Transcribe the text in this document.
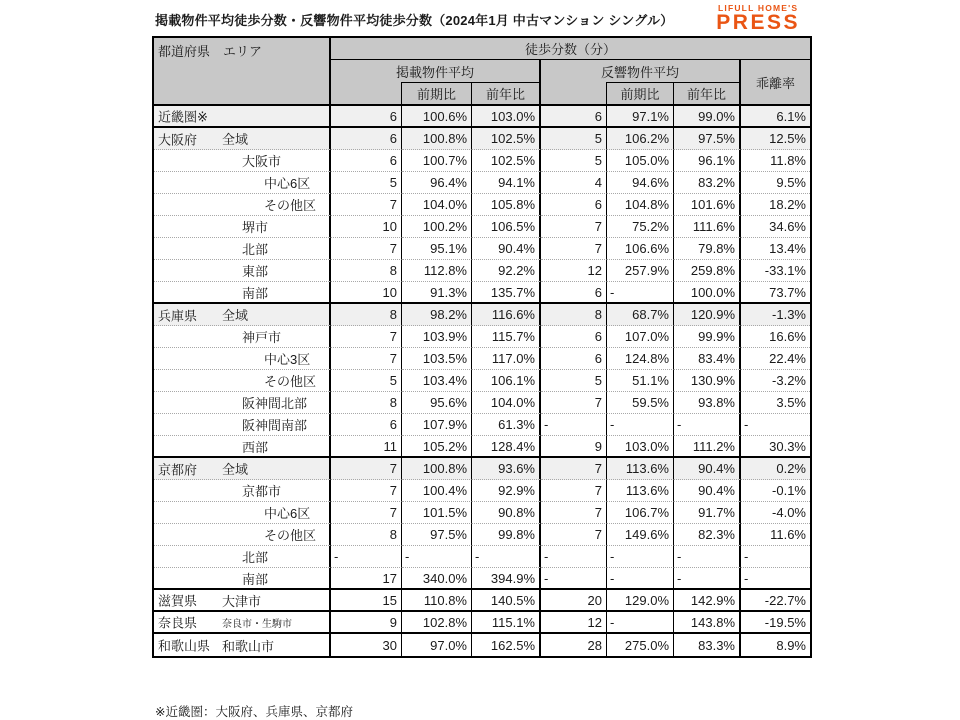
掲載物件平均徒歩分数・反響物件平均徒歩分数（2024年1月 中古マンション シングル）
LIFULL HOME'S
PRESS
都道府県　エリア	徒歩分数（分）						
	掲載物件平均			反響物件平均			乖離率
		前期比	前年比		前期比	前年比	

近畿圏※	6	100.6%	103.0%	6	97.1%	99.0%	6.1%

大阪府 全域	6	100.8%	102.5%	5	106.2%	97.5%	12.5%
大阪市	6	100.7%	102.5%	5	105.0%	96.1%	11.8%
中心6区	5	96.4%	94.1%	4	94.6%	83.2%	9.5%
その他区	7	104.0%	105.8%	6	104.8%	101.6%	18.2%
堺市	10	100.2%	106.5%	7	75.2%	111.6%	34.6%
北部	7	95.1%	90.4%	7	106.6%	79.8%	13.4%
東部	8	112.8%	92.2%	12	257.9%	259.8%	-33.1%
南部	10	91.3%	135.7%	6	-	100.0%	73.7%

兵庫県 全域	8	98.2%	116.6%	8	68.7%	120.9%	-1.3%
神戸市	7	103.9%	115.7%	6	107.0%	99.9%	16.6%
中心3区	7	103.5%	117.0%	6	124.8%	83.4%	22.4%
その他区	5	103.4%	106.1%	5	51.1%	130.9%	-3.2%
阪神間北部	8	95.6%	104.0%	7	59.5%	93.8%	3.5%
阪神間南部	6	107.9%	61.3%	-	-	-	-
西部	11	105.2%	128.4%	9	103.0%	111.2%	30.3%

京都府 全域	7	100.8%	93.6%	7	113.6%	90.4%	0.2%
京都市	7	100.4%	92.9%	7	113.6%	90.4%	-0.1%
中心6区	7	101.5%	90.8%	7	106.7%	91.7%	-4.0%
その他区	8	97.5%	99.8%	7	149.6%	82.3%	11.6%
北部	-	-	-	-	-	-	-
南部	17	340.0%	394.9%	-	-	-	-

滋賀県 大津市	15	110.8%	140.5%	20	129.0%	142.9%	-22.7%

奈良県 奈良市・生駒市	9	102.8%	115.1%	12	-	143.8%	-19.5%

和歌山県 和歌山市	30	97.0%	162.5%	28	275.0%	83.3%	8.9%
※近畿圏：大阪府、兵庫県、京都府
